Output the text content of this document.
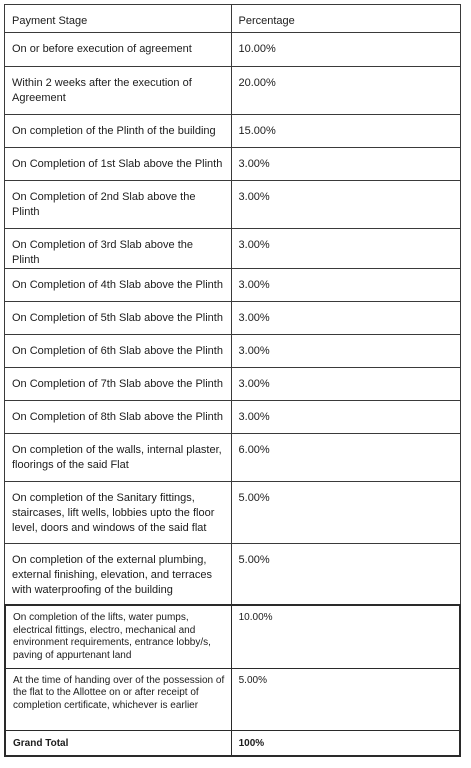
Payment Stage	Percentage

On or before execution of agreement	10.00%

Within 2 weeks after the execution of Agreement	20.00%

On completion of the Plinth of the building	15.00%

On Completion of 1st Slab above the Plinth	3.00%

On Completion of 2nd Slab above the Plinth	3.00%

On Completion of 3rd Slab above the Plinth	3.00%

On Completion of 4th Slab above the Plinth	3.00%

On Completion of 5th Slab above the Plinth	3.00%

On Completion of 6th Slab above the Plinth	3.00%

On Completion of 7th Slab above the Plinth	3.00%

On Completion of 8th Slab above the Plinth	3.00%

On completion of the walls, internal plaster, floorings of the said Flat	6.00%

On completion of the Sanitary fittings, staircases, lift wells, lobbies upto the floor level, doors and windows of the said flat	5.00%

On completion of the external plumbing, external finishing, elevation, and terraces with waterproofing of the building	5.00%
On completion of the lifts, water pumps, electrical fittings, electro, mechanical and environment requirements, entrance lobby/s, paving of appurtenant land	10.00%

At the time of handing over of the possession of the flat to the Allottee on or after receipt of completion certificate, whichever is earlier	5.00%

Grand Total	100%
